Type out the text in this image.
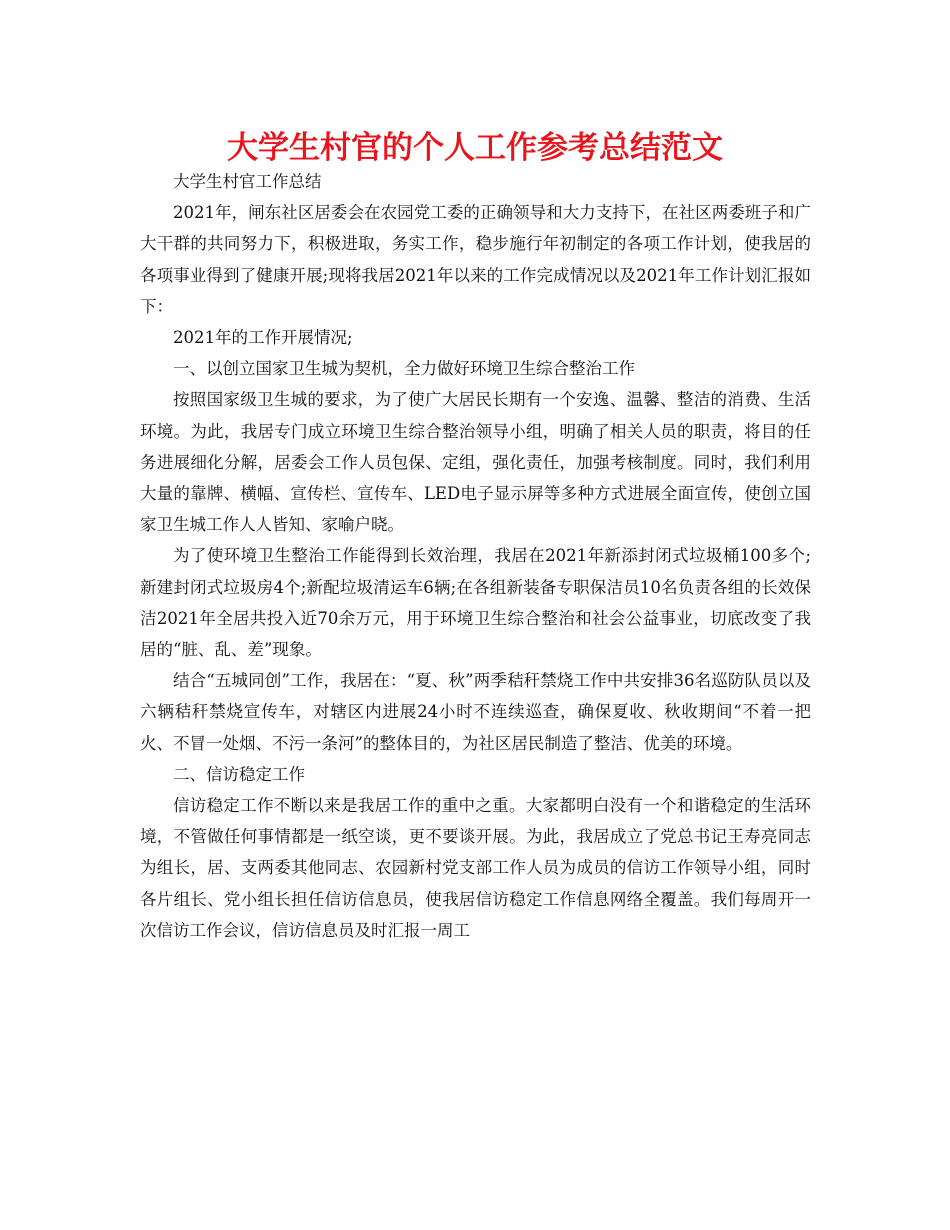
大学生村官的个人工作参考总结范文

大学生村官工作总结

2021年，闸东社区居委会在农园党工委的正确领导和大力支持下，在社区两委班子和广大干群的共同努力下，积极进取，务实工作，稳步施行年初制定的各项工作计划，使我居的各项事业得到了健康开展;现将我居2021年以来的工作完成情况以及2021年工作计划汇报如下：

2021年的工作开展情况;

一、以创立国家卫生城为契机，全力做好环境卫生综合整治工作

按照国家级卫生城的要求，为了使广大居民长期有一个安逸、温馨、整洁的消费、生活环境。为此，我居专门成立环境卫生综合整治领导小组，明确了相关人员的职责，将目的任务进展细化分解，居委会工作人员包保、定组，强化责任，加强考核制度。同时，我们利用大量的靠牌、横幅、宣传栏、宣传车、LED电子显示屏等多种方式进展全面宣传，使创立国家卫生城工作人人皆知、家喻户晓。

为了使环境卫生整治工作能得到长效治理，我居在2021年新添封闭式垃圾桶100多个;新建封闭式垃圾房4个;新配垃圾清运车6辆;在各组新装备专职保洁员10名负责各组的长效保洁2021年全居共投入近70余万元，用于环境卫生综合整治和社会公益事业，切底改变了我居的“脏、乱、差”现象。

结合“五城同创”工作，我居在：“夏、秋”两季秸秆禁烧工作中共安排36名巡防队员以及六辆秸秆禁烧宣传车，对辖区内进展24小时不连续巡查，确保夏收、秋收期间“不着一把火、不冒一处烟、不污一条河”的整体目的，为社区居民制造了整洁、优美的环境。

二、信访稳定工作

信访稳定工作不断以来是我居工作的重中之重。大家都明白没有一个和谐稳定的生活环境，不管做任何事情都是一纸空谈，更不要谈开展。为此，我居成立了党总书记王寿亮同志为组长，居、支两委其他同志、农园新村党支部工作人员为成员的信访工作领导小组，同时各片组长、党小组长担任信访信息员，使我居信访稳定工作信息网络全覆盖。我们每周开一次信访工作会议，信访信息员及时汇报一周工
